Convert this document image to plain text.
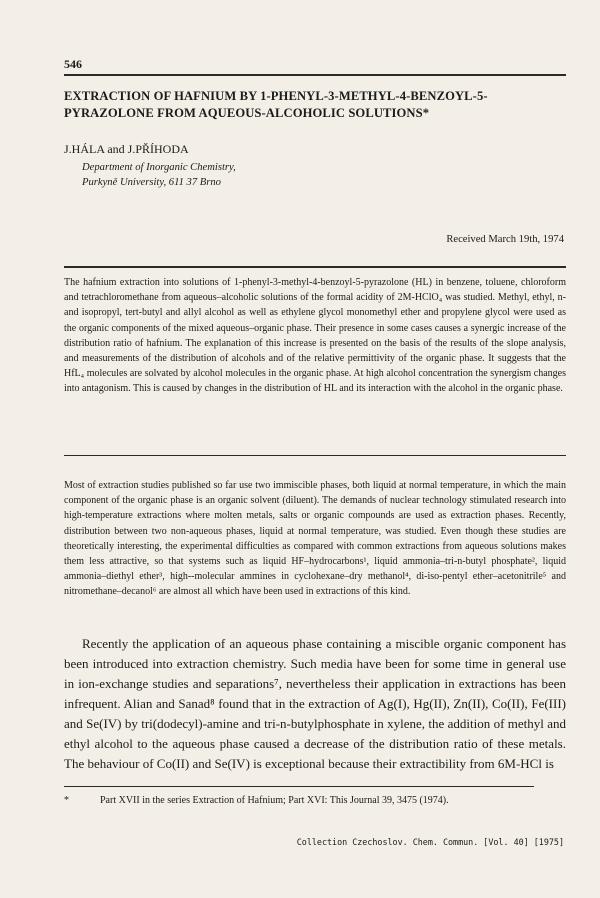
546
EXTRACTION OF HAFNIUM BY 1-PHENYL-3-METHYL-4-BENZOYL-5-PYRAZOLONE FROM AQUEOUS-ALCOHOLIC SOLUTIONS*
J.HÁLA and J.PŘÍHODA
Department of Inorganic Chemistry,
Purkyně University, 611 37 Brno
Received March 19th, 1974

The hafnium extraction into solutions of 1-phenyl-3-methyl-4-benzoyl-5-pyrazolone (HL) in benzene, toluene, chloroform and tetrachloromethane from aqueous–alcoholic solutions of the formal acidity of 2M-HClO₄ was studied. Methyl, ethyl, n- and isopropyl, tert-butyl and allyl alcohol as well as ethylene glycol monomethyl ether and propylene glycol were used as the organic components of the mixed aqueous–organic phase. Their presence in some cases causes a synergic increase of the distribution ratio of hafnium. The explanation of this increase is presented on the basis of the results of the slope analysis, and measurements of the distribution of alcohols and of the relative permittivity of the organic phase. It suggests that the HfL₄ molecules are solvated by alcohol molecules in the organic phase. At high alcohol concentration the synergism changes into antagonism. This is caused by changes in the distribution of HL and its interaction with the alcohol in the organic phase.

Most of extraction studies published so far use two immiscible phases, both liquid at normal temperature, in which the main component of the organic phase is an organic solvent (diluent). The demands of nuclear technology stimulated research into high-temperature extractions where molten metals, salts or organic compounds are used as extraction phases. Recently, distribution between two non-aqueous phases, liquid at normal temperature, was studied. Even though these studies are theoretically interesting, the experimental difficulties as compared with common extractions from aqueous solutions makes them less attractive, so that systems such as liquid HF–hydrocarbons¹, liquid ammonia–tri-n-butyl phosphate², liquid ammonia–diethyl ether³, high--molecular ammines in cyclohexane–dry methanol⁴, di-iso-pentyl ether–acetonitrile⁵ and nitromethane–decanol⁶ are almost all which have been used in extractions of this kind.

Recently the application of an aqueous phase containing a miscible organic component has been introduced into extraction chemistry. Such media have been for some time in general use in ion-exchange studies and separations⁷, nevertheless their application in extractions has been infrequent. Alian and Sanad⁸ found that in the extraction of Ag(I), Hg(II), Zn(II), Co(II), Fe(III) and Se(IV) by tri(dodecyl)-amine and tri-n-butylphosphate in xylene, the addition of methyl and ethyl alcohol to the aqueous phase caused a decrease of the distribution ratio of these metals. The behaviour of Co(II) and Se(IV) is exceptional because their extractibility from 6M-HCl is

*	Part XVII in the series Extraction of Hafnium; Part XVI: This Journal 39, 3475 (1974).
Collection Czechoslov. Chem. Commun. [Vol. 40] [1975]
